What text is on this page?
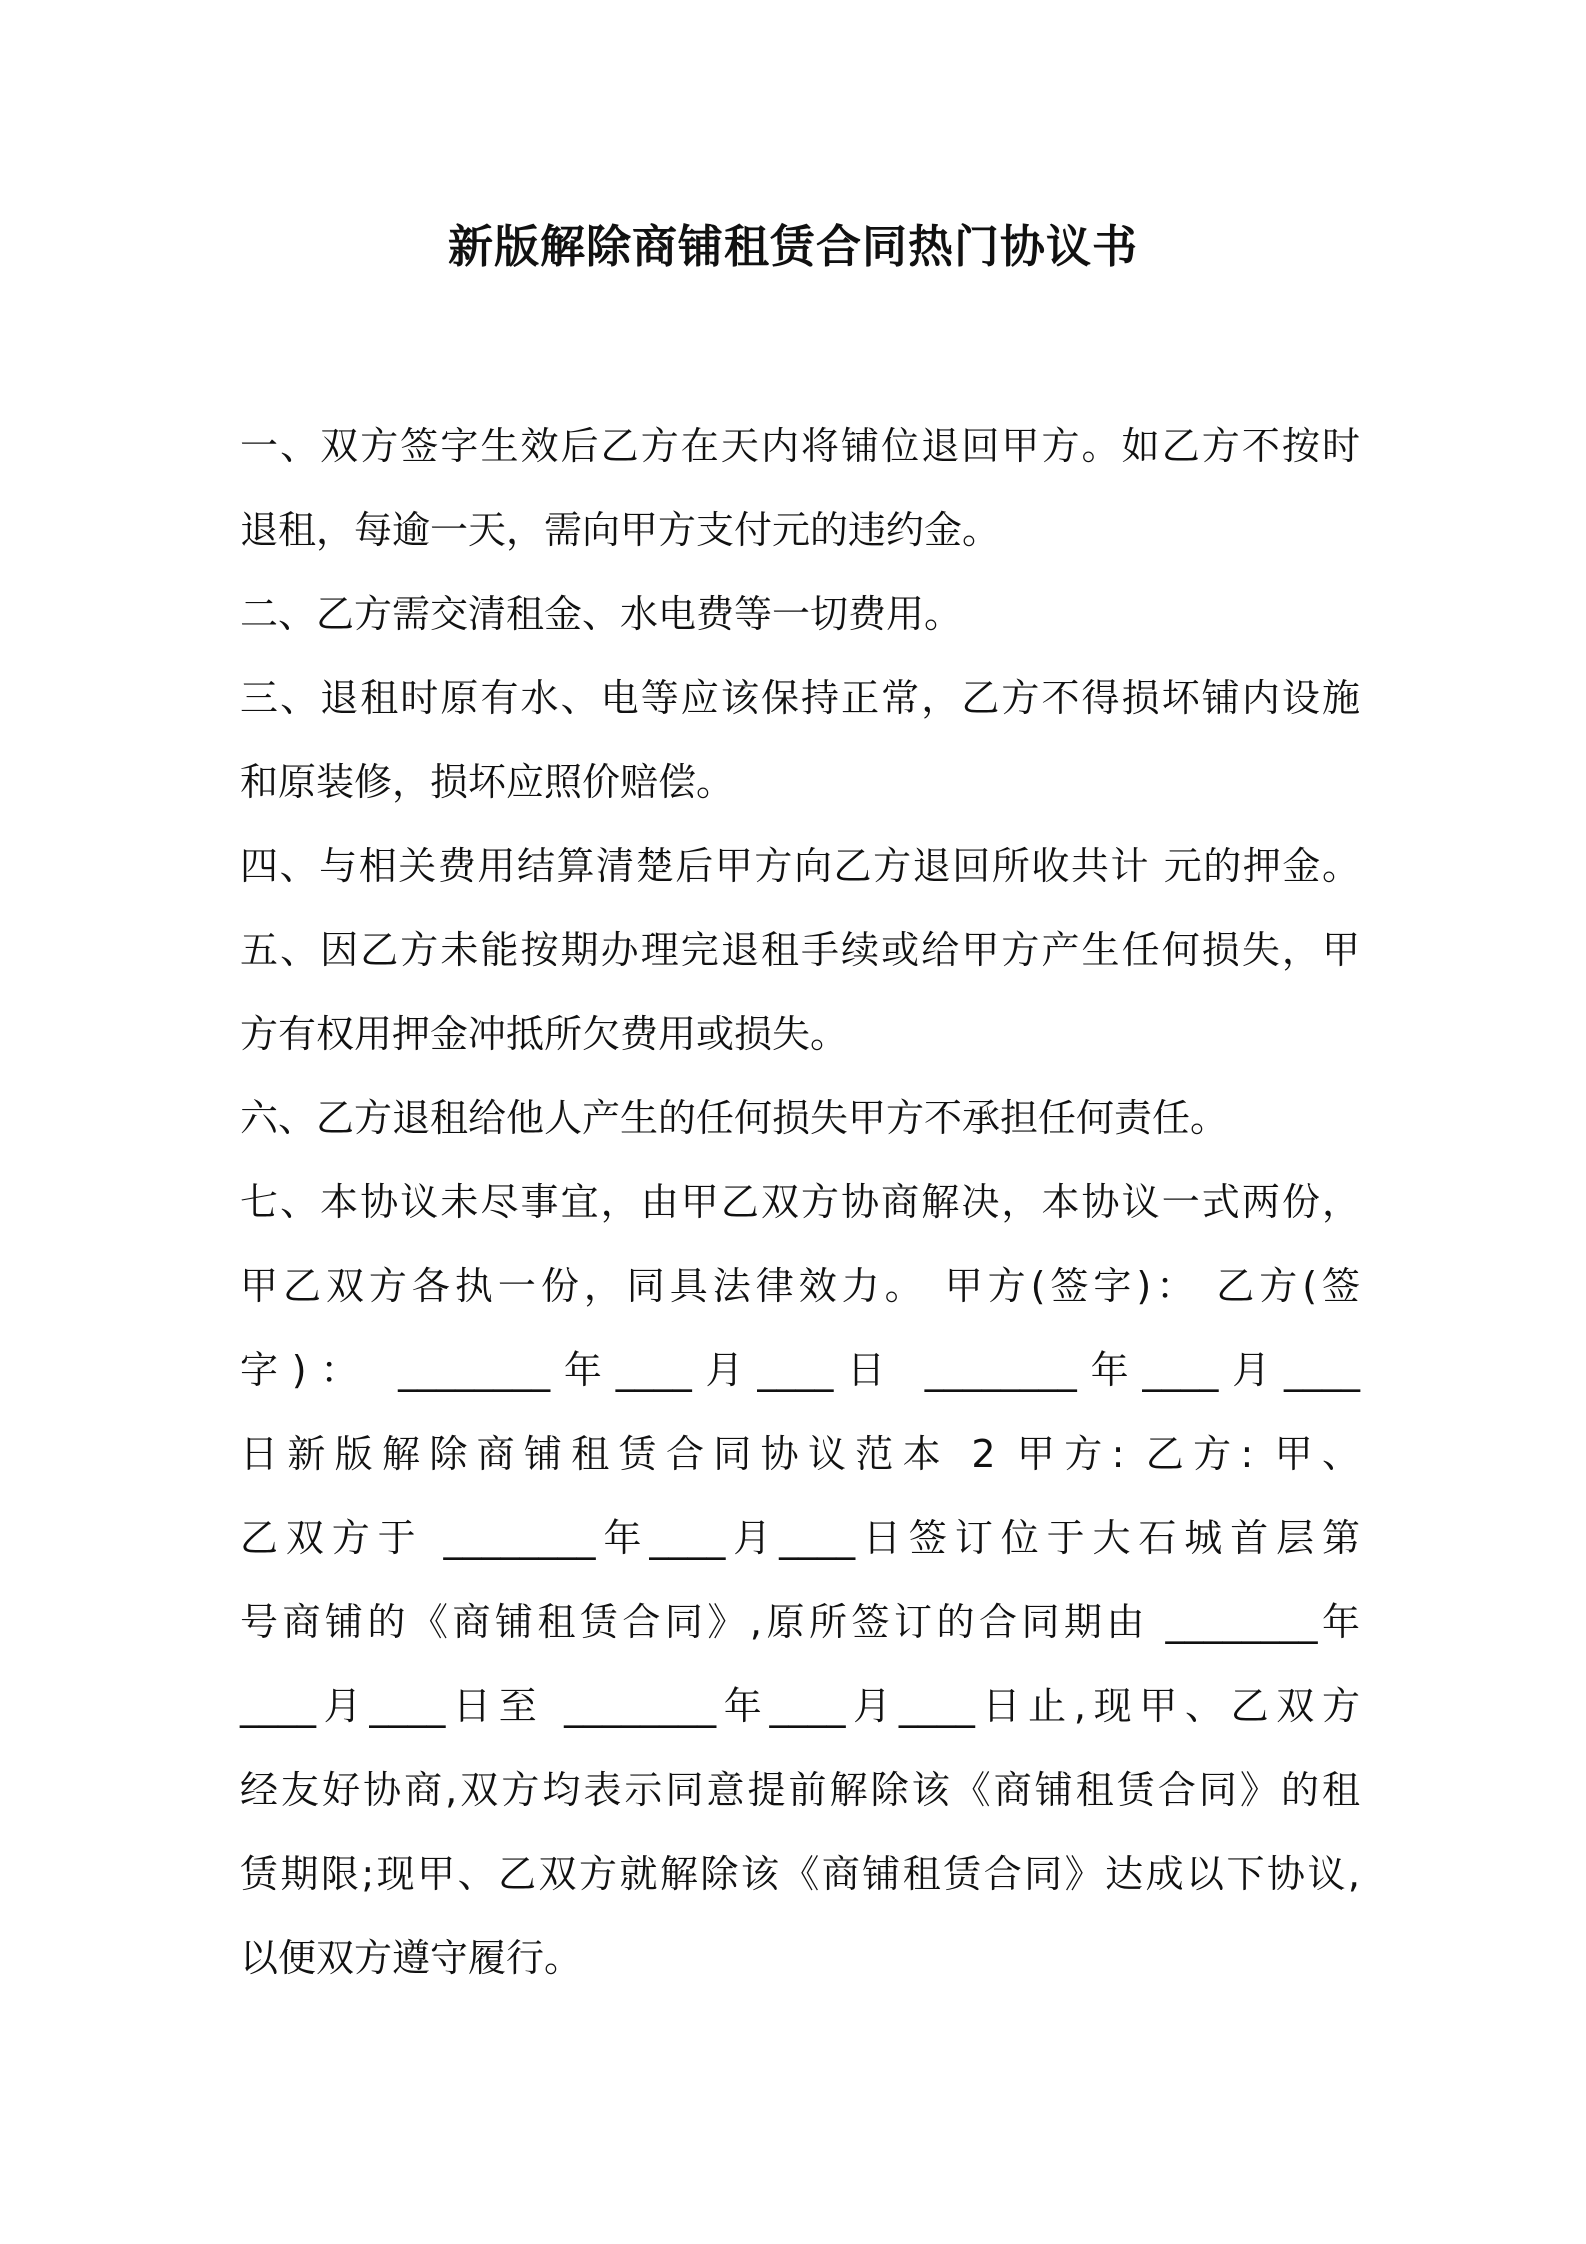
新版解除商铺租赁合同热门协议书
一、双方签字生效后乙方在天内将铺位退回甲方。如乙方不按时
退租，每逾一天，需向甲方支付元的违约金。
二、乙方需交清租金、水电费等一切费用。
三、退租时原有水、电等应该保持正常，乙方不得损坏铺内设施
和原装修，损坏应照价赔偿。
四、与相关费用结算清楚后甲方向乙方退回所收共计 元的押金。
五、因乙方未能按期办理完退租手续或给甲方产生任何损失，甲
方有权用押金冲抵所欠费用或损失。
六、乙方退租给他人产生的任何损失甲方不承担任何责任。
七、本协议未尽事宜，由甲乙双方协商解决，本协议一式两份，
甲乙双方各执一份，同具法律效力。 甲方(签字)： 乙方(签
字)： ________年____月____日 ________年____月____
日新版解除商铺租赁合同协议范本 2 甲方: 乙方: 甲、
乙双方于 ________年____月____日签订位于大石城首层第
号商铺的《商铺租赁合同》,原所签订的合同期由 ________年
____月____日至 ________年____月____日止,现甲、乙双方
经友好协商,双方均表示同意提前解除该《商铺租赁合同》的租
赁期限;现甲、乙双方就解除该《商铺租赁合同》达成以下协议,
以便双方遵守履行。
